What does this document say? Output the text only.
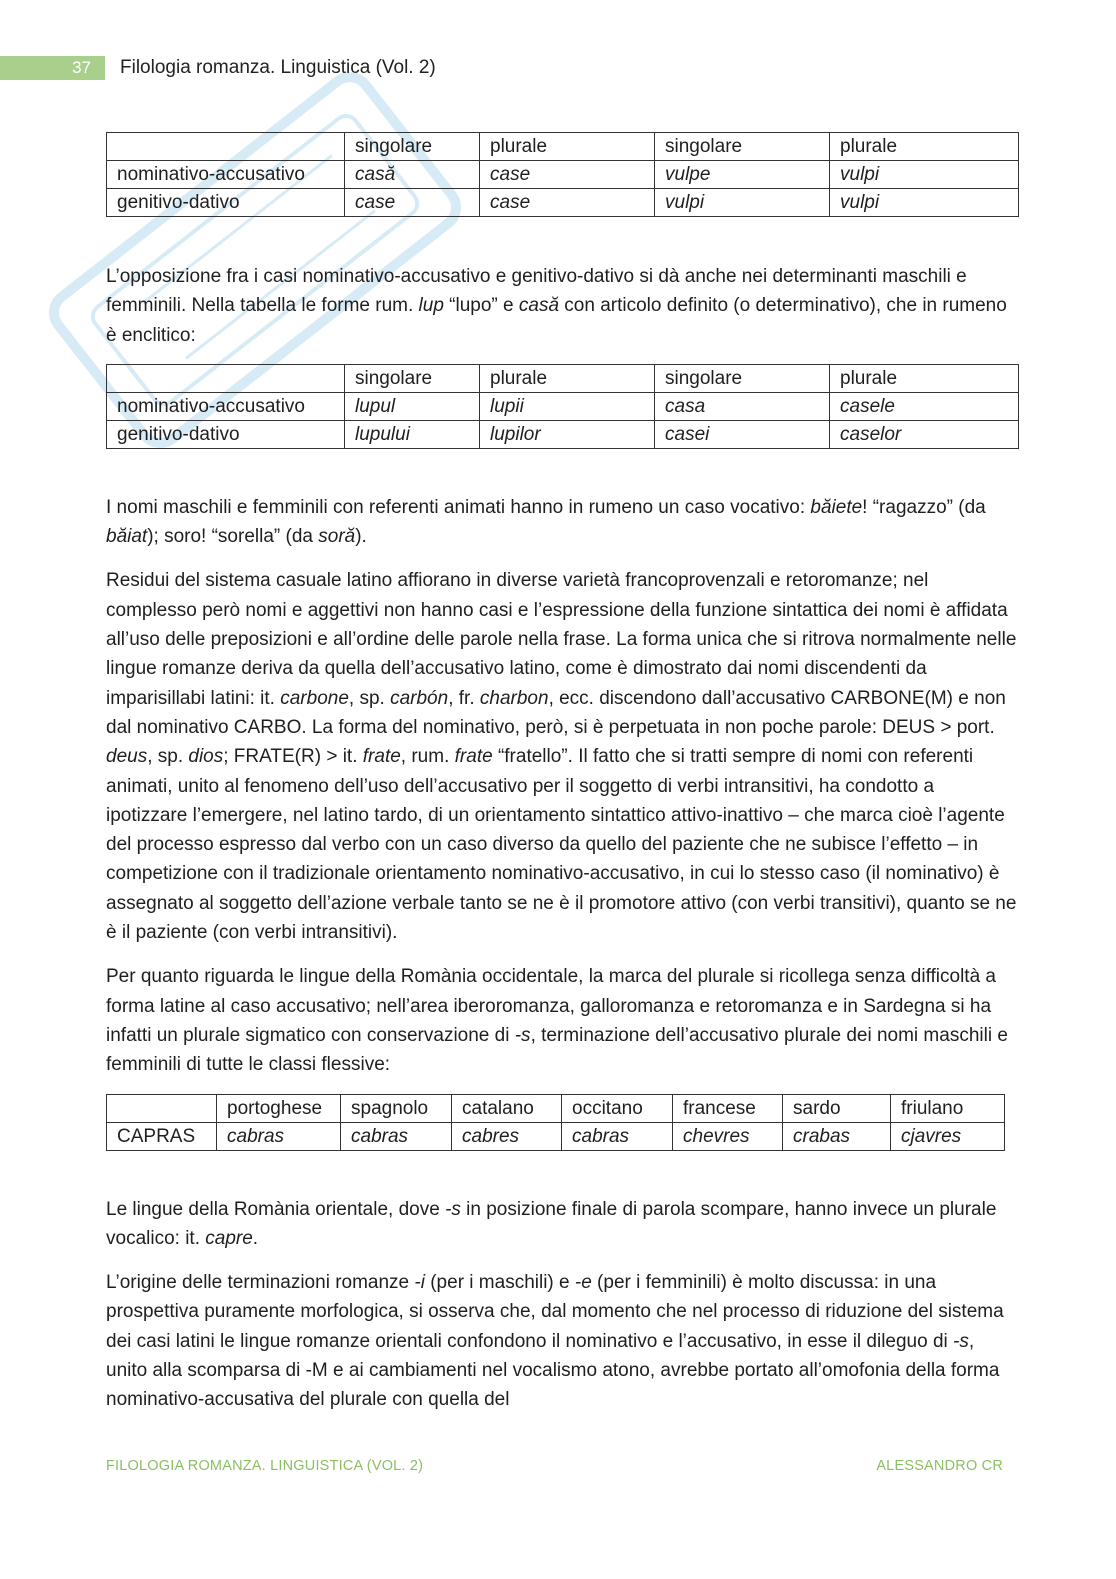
37	Filologia romanza. Linguistica (Vol. 2)
	singolare	plurale	singolare	plurale
nominativo-accusativo	casă	case	vulpe	vulpi
genitivo-dativo	case	case	vulpi	vulpi

L’opposizione fra i casi nominativo-accusativo e genitivo-dativo si dà anche nei determinanti maschili e femminili. Nella tabella le forme rum. lup “lupo” e casă con articolo definito (o determinativo), che in rumeno è enclitico:

	singolare	plurale	singolare	plurale
nominativo-accusativo	lupul	lupii	casa	casele
genitivo-dativo	lupului	lupilor	casei	caselor

I nomi maschili e femminili con referenti animati hanno in rumeno un caso vocativo: băiete! “ragazzo” (da băiat); soro! “sorella” (da soră).

Residui del sistema casuale latino affiorano in diverse varietà francoprovenzali e retoromanze; nel complesso però nomi e aggettivi non hanno casi e l’espressione della funzione sintattica dei nomi è affidata all’uso delle preposizioni e all’ordine delle parole nella frase. La forma unica che si ritrova normalmente nelle lingue romanze deriva da quella dell’accusativo latino, come è dimostrato dai nomi discendenti da imparisillabi latini: it. carbone, sp. carbón, fr. charbon, ecc. discendono dall’accusativo CARBONE(M) e non dal nominativo CARBO. La forma del nominativo, però, si è perpetuata in non poche parole: DEUS > port. deus, sp. dios; FRATE(R) > it. frate, rum. frate “fratello”. Il fatto che si tratti sempre di nomi con referenti animati, unito al fenomeno dell’uso dell’accusativo per il soggetto di verbi intransitivi, ha condotto a ipotizzare l’emergere, nel latino tardo, di un orientamento sintattico attivo-inattivo – che marca cioè l’agente del processo espresso dal verbo con un caso diverso da quello del paziente che ne subisce l’effetto – in competizione con il tradizionale orientamento nominativo-accusativo, in cui lo stesso caso (il nominativo) è assegnato al soggetto dell’azione verbale tanto se ne è il promotore attivo (con verbi transitivi), quanto se ne è il paziente (con verbi intransitivi).

Per quanto riguarda le lingue della Romània occidentale, la marca del plurale si ricollega senza difficoltà a forma latine al caso accusativo; nell’area iberoromanza, galloromanza e retoromanza e in Sardegna si ha infatti un plurale sigmatico con conservazione di -s, terminazione dell’accusativo plurale dei nomi maschili e femminili di tutte le classi flessive:

	portoghese	spagnolo	catalano	occitano	francese	sardo	friulano
CAPRAS	cabras	cabras	cabres	cabras	chevres	crabas	cjavres

Le lingue della Romània orientale, dove -s in posizione finale di parola scompare, hanno invece un plurale vocalico: it. capre.

L’origine delle terminazioni romanze -i (per i maschili) e -e (per i femminili) è molto discussa: in una prospettiva puramente morfologica, si osserva che, dal momento che nel processo di riduzione del sistema dei casi latini le lingue romanze orientali confondono il nominativo e l’accusativo, in esse il dileguo di -s, unito alla scomparsa di -M e ai cambiamenti nel vocalismo atono, avrebbe portato all’omofonia della forma nominativo-accusativa del plurale con quella del

FILOLOGIA ROMANZA. LINGUISTICA (VOL. 2)	ALESSANDRO CR
